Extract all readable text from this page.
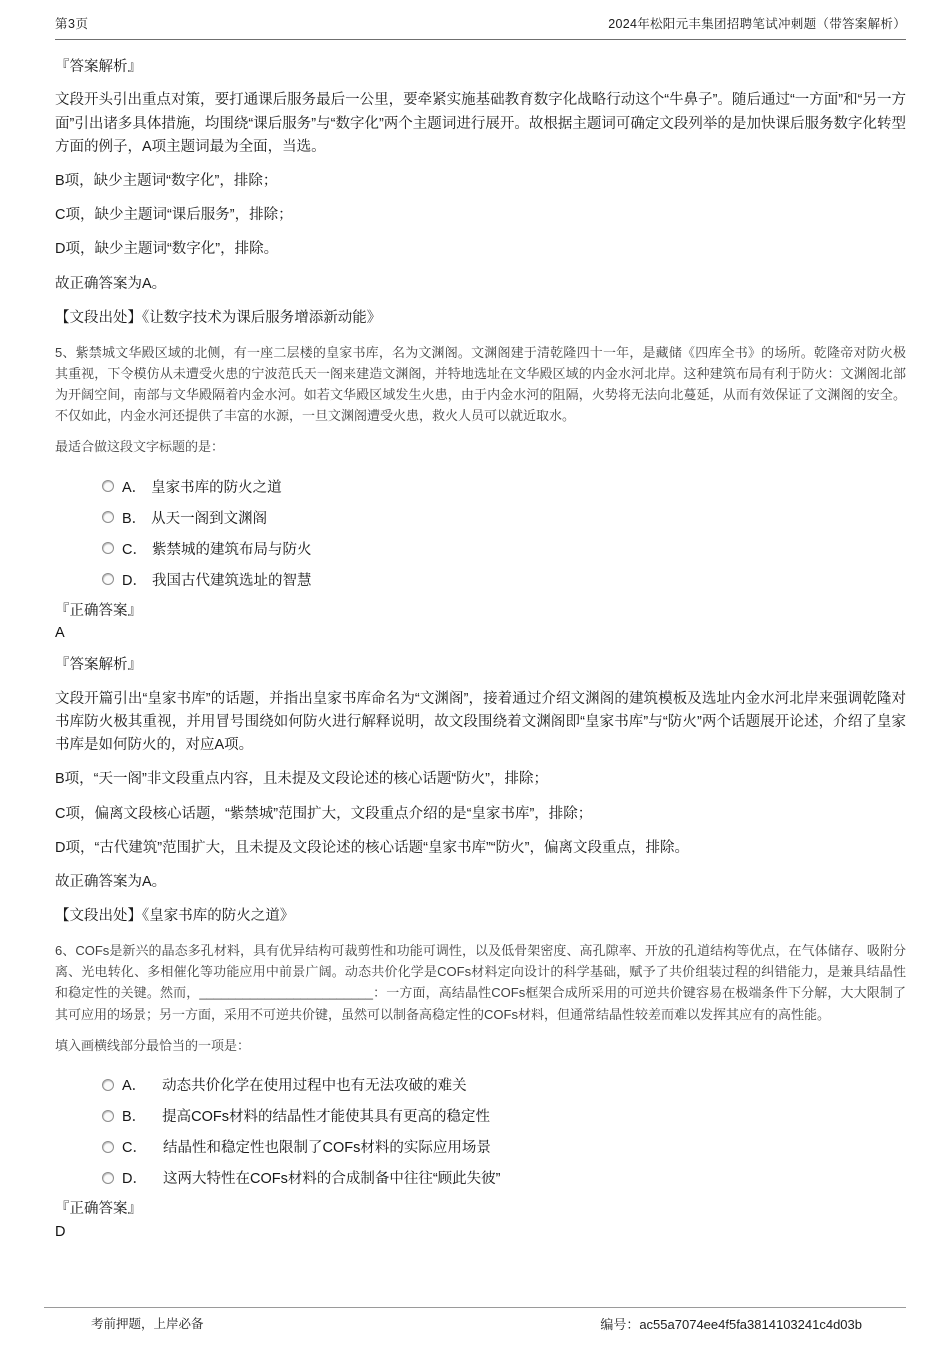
第3页	2024年松阳元丰集团招聘笔试冲刺题（带答案解析）

『答案解析』

文段开头引出重点对策，要打通课后服务最后一公里，要牵紧实施基础教育数字化战略行动这个“牛鼻子”。随后通过“一方面”和“另一方面”引出诸多具体措施，均围绕“课后服务”与“数字化”两个主题词进行展开。故根据主题词可确定文段列举的是加快课后服务数字化转型方面的例子，A项主题词最为全面，当选。

B项，缺少主题词“数字化”，排除；

C项，缺少主题词“课后服务”，排除；

D项，缺少主题词“数字化”，排除。

故正确答案为A。

【文段出处】《让数字技术为课后服务增添新动能》

5、紫禁城文华殿区域的北侧，有一座二层楼的皇家书库，名为文渊阁。文渊阁建于清乾隆四十一年，是藏储《四库全书》的场所。乾隆帝对防火极其重视，下令模仿从未遭受火患的宁波范氏天一阁来建造文渊阁，并特地选址在文华殿区域的内金水河北岸。这种建筑布局有利于防火：文渊阁北部为开阔空间，南部与文华殿隔着内金水河。如若文华殿区域发生火患，由于内金水河的阻隔，火势将无法向北蔓延，从而有效保证了文渊阁的安全。不仅如此，内金水河还提供了丰富的水源，一旦文渊阁遭受火患，救火人员可以就近取水。

最适合做这段文字标题的是：

A． 皇家书库的防火之道
B． 从天一阁到文渊阁
C． 紫禁城的建筑布局与防火
D． 我国古代建筑选址的智慧

『正确答案』

A

『答案解析』

文段开篇引出“皇家书库”的话题，并指出皇家书库命名为“文渊阁”，接着通过介绍文渊阁的建筑模板及选址内金水河北岸来强调乾隆对书库防火极其重视，并用冒号围绕如何防火进行解释说明，故文段围绕着文渊阁即“皇家书库”与“防火”两个话题展开论述，介绍了皇家书库是如何防火的，对应A项。

B项，“天一阁”非文段重点内容，且未提及文段论述的核心话题“防火”，排除；

C项，偏离文段核心话题，“紫禁城”范围扩大，文段重点介绍的是“皇家书库”，排除；

D项，“古代建筑”范围扩大，且未提及文段论述的核心话题“皇家书库”“防火”，偏离文段重点，排除。

故正确答案为A。

【文段出处】《皇家书库的防火之道》

6、COFs是新兴的晶态多孔材料，具有优异结构可裁剪性和功能可调性，以及低骨架密度、高孔隙率、开放的孔道结构等优点，在气体储存、吸附分离、光电转化、多相催化等功能应用中前景广阔。动态共价化学是COFs材料定向设计的科学基础，赋予了共价组装过程的纠错能力，是兼具结晶性和稳定性的关键。然而，________________________：一方面，高结晶性COFs框架合成所采用的可逆共价键容易在极端条件下分解，大大限制了其可应用的场景；另一方面，采用不可逆共价键，虽然可以制备高稳定性的COFs材料，但通常结晶性较差而难以发挥其应有的高性能。

填入画横线部分最恰当的一项是：

A． 动态共价化学在使用过程中也有无法攻破的难关
B． 提高COFs材料的结晶性才能使其具有更高的稳定性
C． 结晶性和稳定性也限制了COFs材料的实际应用场景
D． 这两大特性在COFs材料的合成制备中往往“顾此失彼”

『正确答案』

D

考前押题，上岸必备	编号：ac55a7074ee4f5fa3814103241c4d03b
